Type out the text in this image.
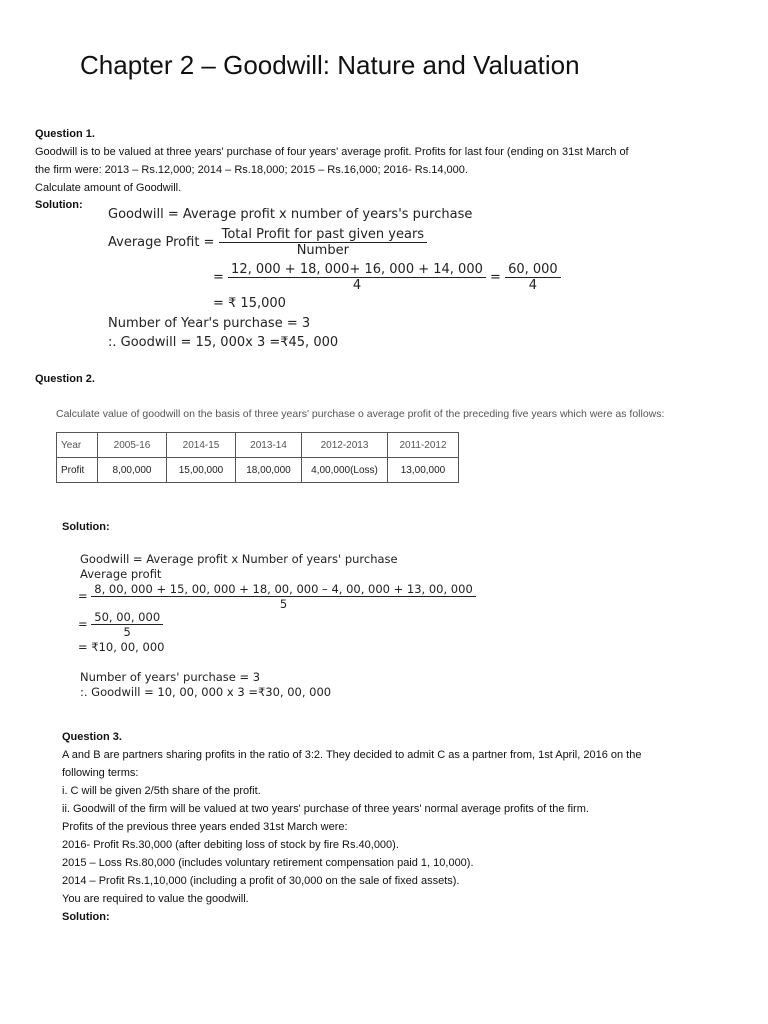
Chapter 2 – Goodwill: Nature and Valuation
Question 1.
Goodwill is to be valued at three years' purchase of four years' average profit. Profits for last four (ending on 31st March of
the firm were: 2013 – Rs.12,000; 2014 – Rs.18,000; 2015 – Rs.16,000; 2016- Rs.14,000.
Calculate amount of Goodwill.
Solution:
Goodwill = Average profit x number of years's purchase
Average Profit = $\frac{\text{Total Profit for past given years}}{\text{Number}}$
= $\frac{12, 000 + 18, 000+ 16, 000 + 14, 000}{4} = \frac{60, 000}{4}$
= ₹ 15,000
Number of Year's purchase = 3
:. Goodwill = 15, 000x 3 =₹45, 000
Question 2.
Calculate value of goodwill on the basis of three years' purchase o average profit of the preceding five years which were as follows:
Year	2005-16	2014-15	2013-14	2012-2013	2011-2012
Profit	8,00,000	15,00,000	18,00,000	4,00,000(Loss)	13,00,000
Solution:
Goodwill = Average profit x Number of years' purchase
Average profit
= 8, 00, 000 + 15, 00, 000 + 18, 00, 000 – 4, 00, 000 + 13, 00, 000
5
= $\frac{50, 00, 000}{5}$
= ₹10, 00, 000
Number of years' purchase = 3
:. Goodwill = 10, 00, 000 x 3 =₹30, 00, 000
Question 3.
A and B are partners sharing profits in the ratio of 3:2. They decided to admit C as a partner from, 1st April, 2016 on the
following terms:
i. C will be given 2/5th share of the profit.
ii. Goodwill of the firm will be valued at two years' purchase of three years' normal average profits of the firm.
Profits of the previous three years ended 31st March were:
2016- Profit Rs.30,000 (after debiting loss of stock by fire Rs.40,000).
2015 – Loss Rs.80,000 (includes voluntary retirement compensation paid 1, 10,000).
2014 – Profit Rs.1,10,000 (including a profit of 30,000 on the sale of fixed assets).
You are required to value the goodwill.
Solution:
